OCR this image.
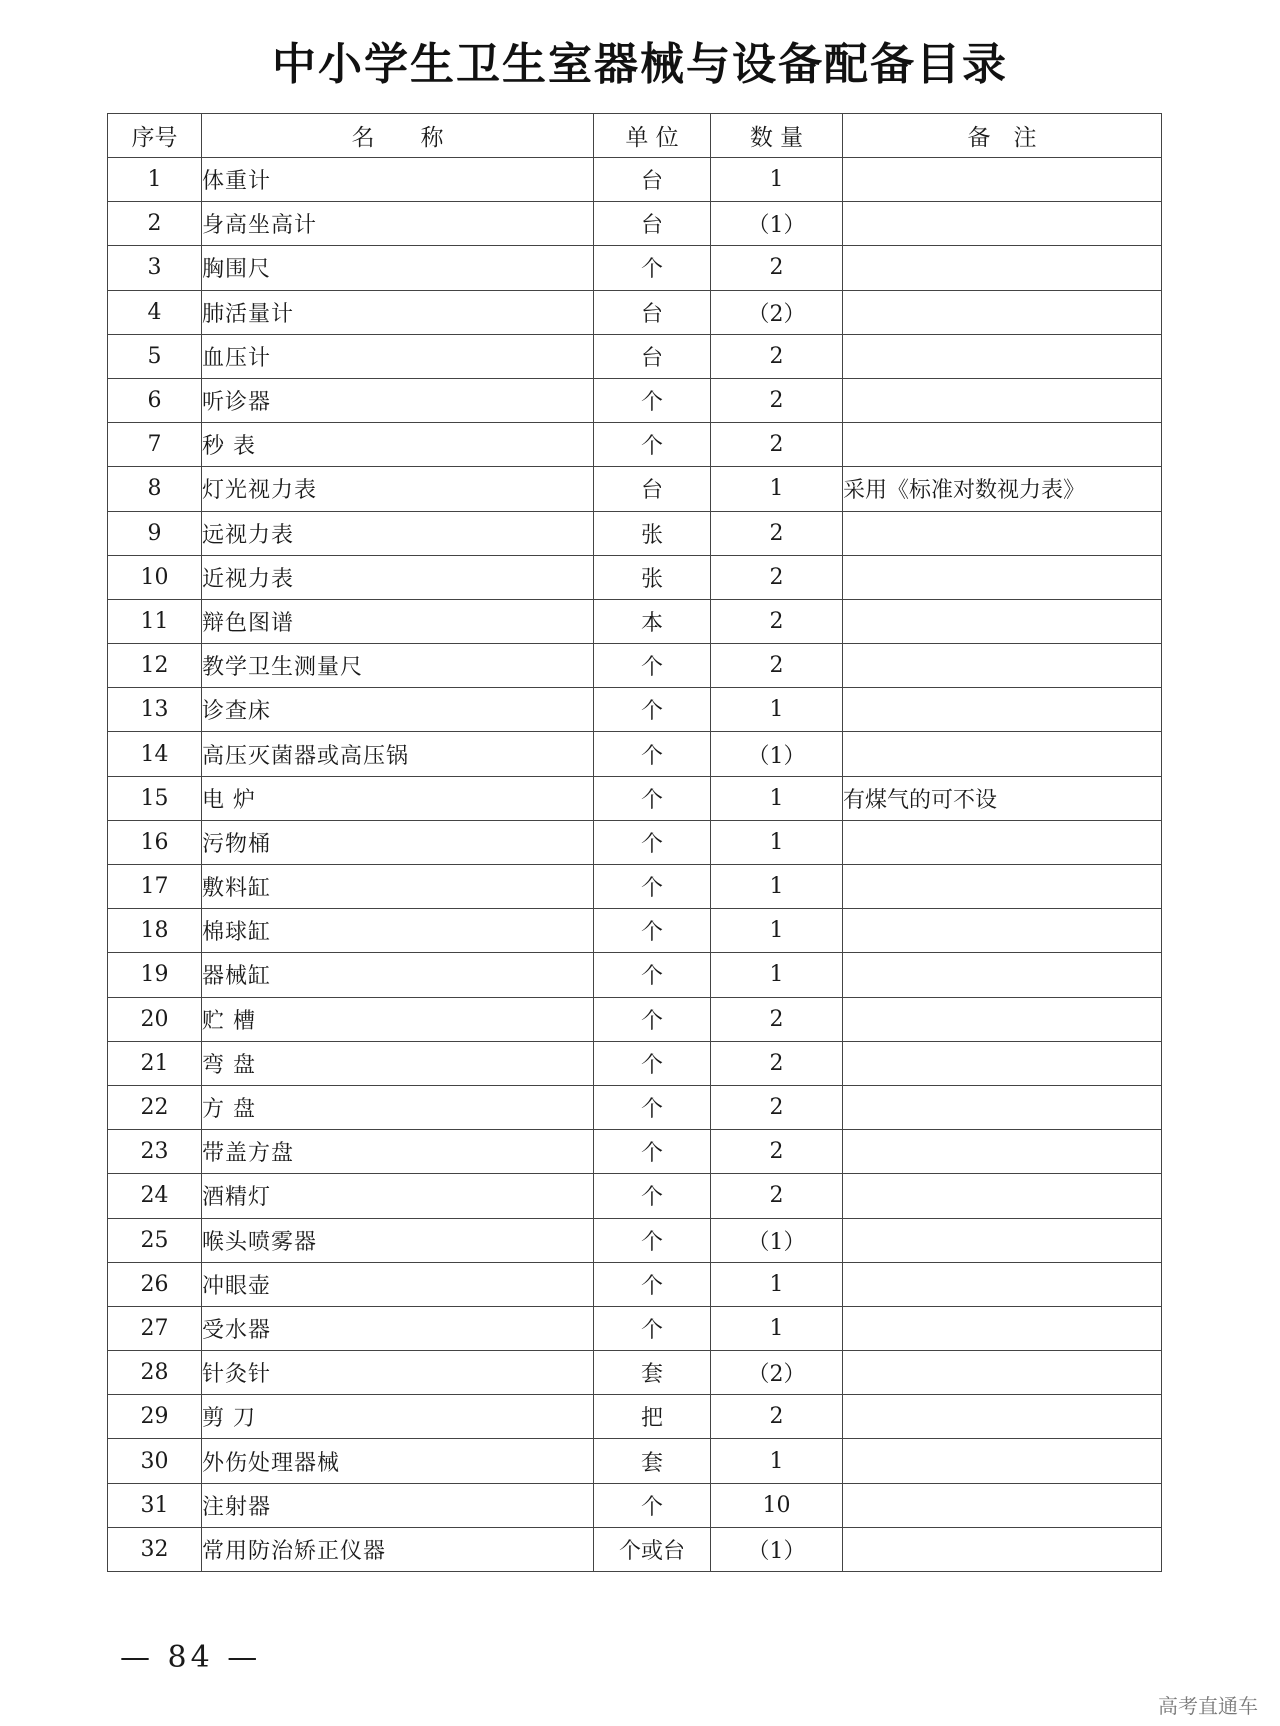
中小学生卫生室器械与设备配备目录
序号	名　　称	单 位	数 量	备　注
1	体重计	台	1	
2	身高坐高计	台	（1）	
3	胸围尺	个	2	
4	肺活量计	台	（2）	
5	血压计	台	2	
6	听诊器	个	2	
7	秒 表	个	2	
8	灯光视力表	台	1	采用《标准对数视力表》
9	远视力表	张	2	
10	近视力表	张	2	
11	辩色图谱	本	2	
12	教学卫生测量尺	个	2	
13	诊查床	个	1	
14	高压灭菌器或高压锅	个	（1）	
15	电 炉	个	1	有煤气的可不设
16	污物桶	个	1	
17	敷料缸	个	1	
18	棉球缸	个	1	
19	器械缸	个	1	
20	贮 槽	个	2	
21	弯 盘	个	2	
22	方 盘	个	2	
23	带盖方盘	个	2	
24	酒精灯	个	2	
25	喉头喷雾器	个	（1）	
26	冲眼壶	个	1	
27	受水器	个	1	
28	针灸针	套	（2）	
29	剪 刀	把	2	
30	外伤处理器械	套	1	
31	注射器	个	10	
32	常用防治矫正仪器	个或台	（1）	
— 84 —
高考直通车
